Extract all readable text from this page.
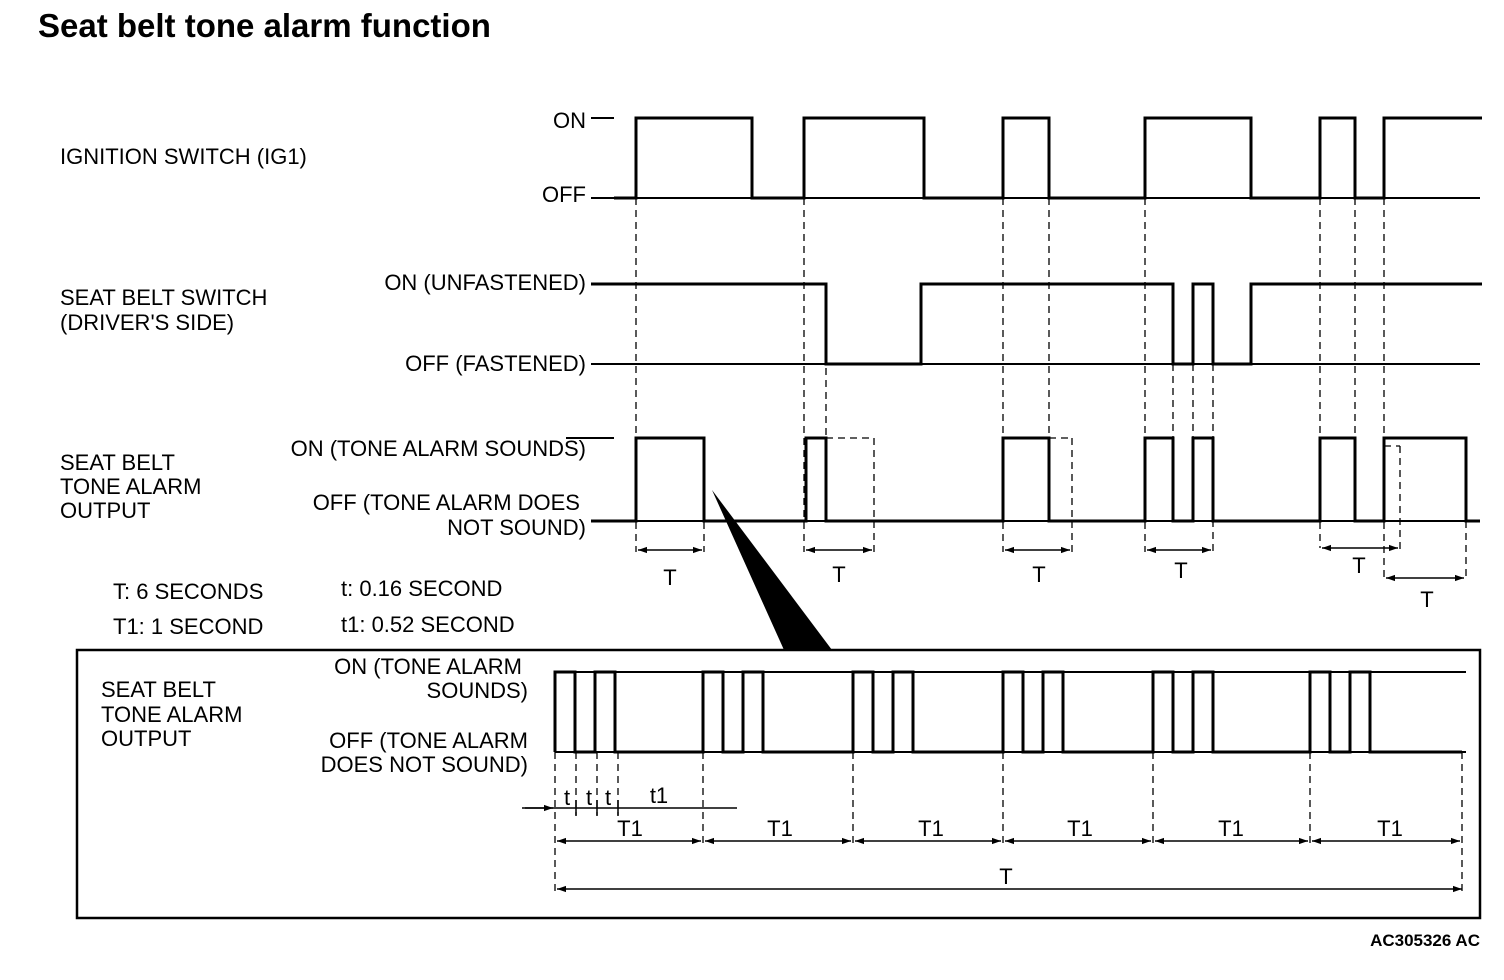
Seat belt tone alarm function
IGNITION SWITCH (IG1)
ON
OFF
SEAT BELT SWITCH
(DRIVER'S SIDE)
ON (UNFASTENED)
OFF (FASTENED)
SEAT BELT
TONE ALARM
OUTPUT
ON (TONE ALARM SOUNDS)
OFF (TONE ALARM DOES
NOT SOUND)
T	T	T	T	T
T
T: 6 SECONDS
T1: 1 SECOND
t: 0.16 SECOND
t1: 0.52 SECOND
SEAT BELT
TONE ALARM
OUTPUT
ON (TONE ALARM
SOUNDS)
OFF (TONE ALARM
DOES NOT SOUND)
t t t t1
T1	T1	T1	T1	T1	T1
T
AC305326 AC
